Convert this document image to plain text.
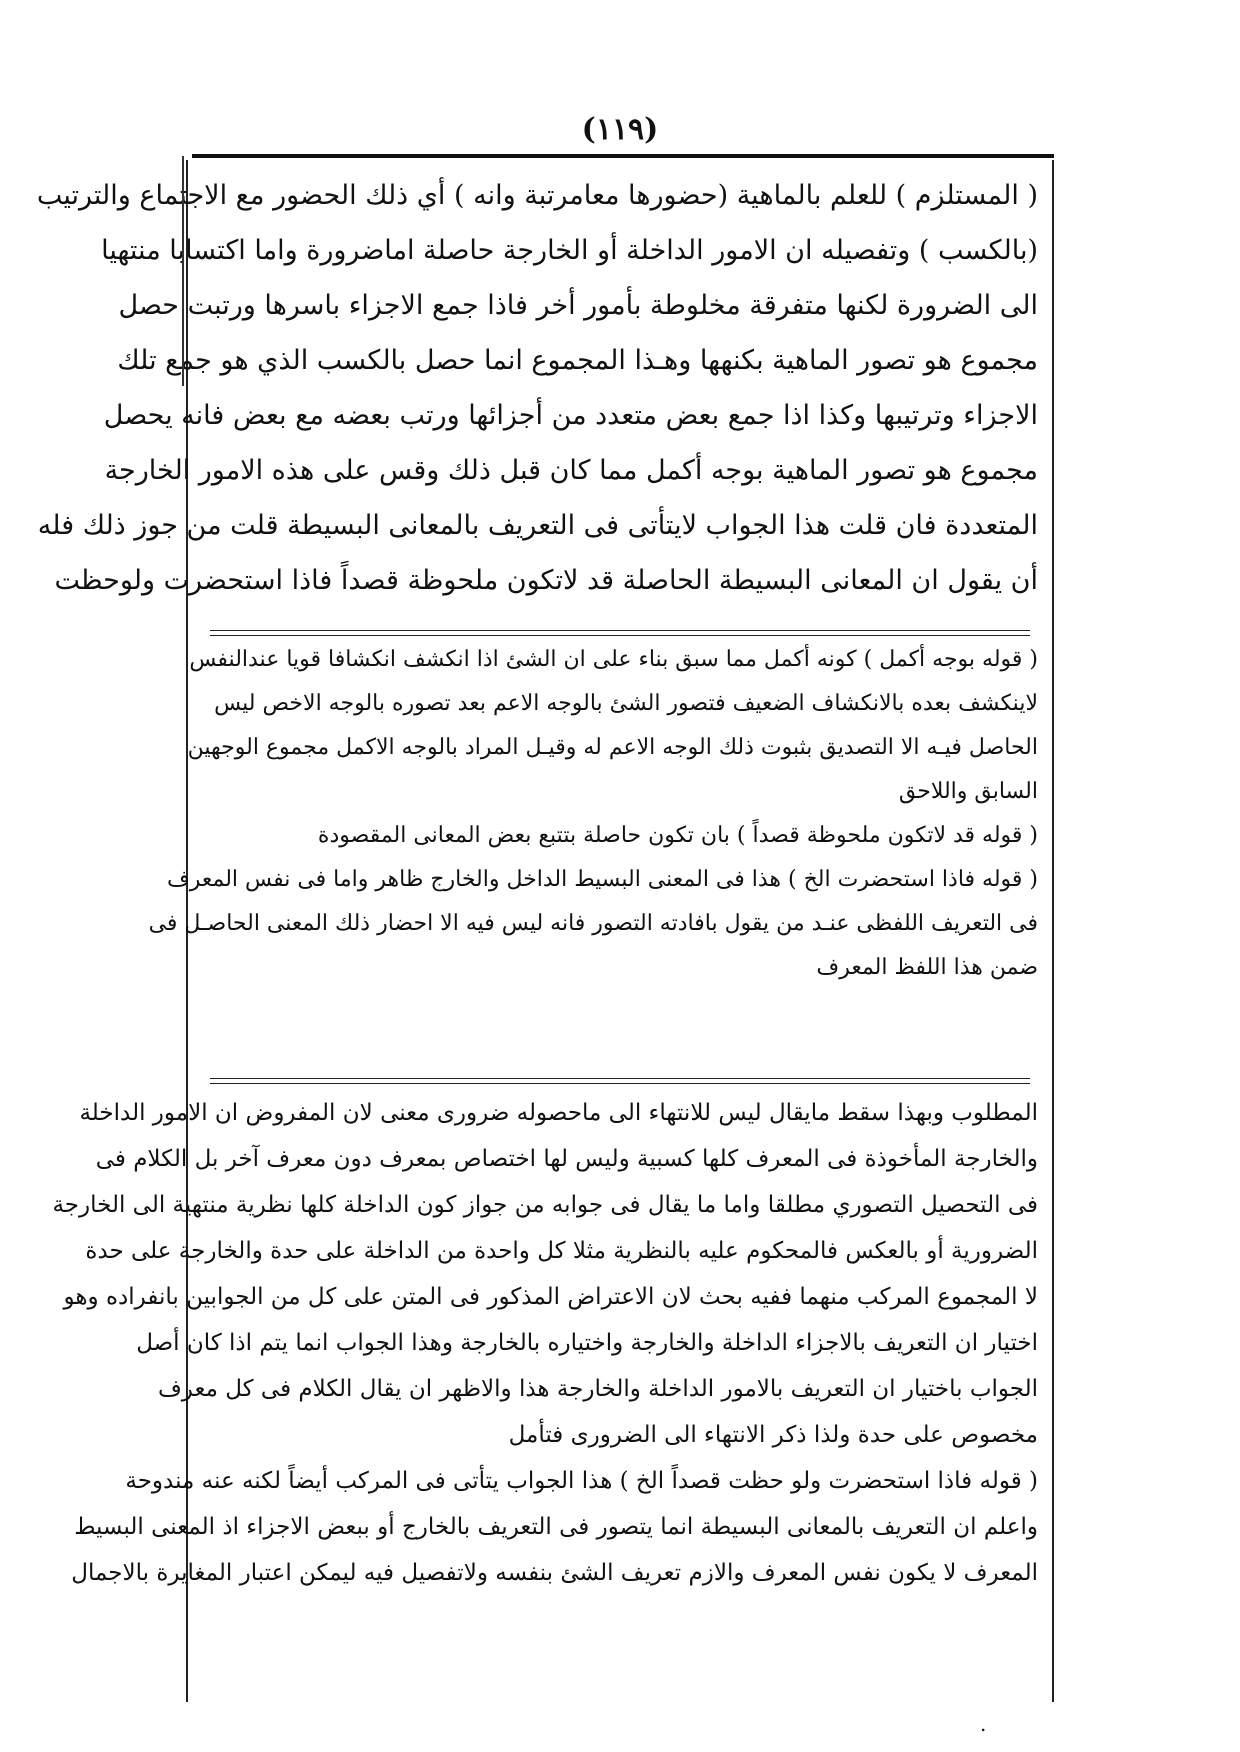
(١١٩)
( المستلزم ) للعلم بالماهية (حضورها معامرتبة وانه ) أي ذلك الحضور مع الاجتماع والترتيب
(بالكسب ) وتفصيله ان الامور الداخلة أو الخارجة حاصلة اماضرورة واما اكتسابا منتهيا
الى الضرورة لكنها متفرقة مخلوطة بأمور أخر فاذا جمع الاجزاء باسرها ورتبت حصل
مجموع هو تصور الماهية بكنهها وهـذا المجموع انما حصل بالكسب الذي هو جمع تلك
الاجزاء وترتيبها وكذا اذا جمع بعض متعدد من أجزائها ورتب بعضه مع بعض فانه يحصل
مجموع هو تصور الماهية بوجه أكمل مما كان قبل ذلك وقس على هذه الامور الخارجة
المتعددة فان قلت هذا الجواب لايتأتى فى التعريف بالمعانى البسيطة قلت من جوز ذلك فله
أن يقول ان المعانى البسيطة الحاصلة قد لاتكون ملحوظة قصداً فاذا استحضرت ولوحظت
( قوله بوجه أكمل ) كونه أكمل مما سبق بناء على ان الشئ اذا انكشف انكشافا قويا عندالنفس
لاينكشف بعده بالانكشاف الضعيف فتصور الشئ بالوجه الاعم بعد تصوره بالوجه الاخص ليس
الحاصل فيـه الا التصديق بثبوت ذلك الوجه الاعم له وقيـل المراد بالوجه الاكمل مجموع الوجهين
السابق واللاحق
( قوله قد لاتكون ملحوظة قصداً ) بان تكون حاصلة بتتبع بعض المعانى المقصودة
( قوله فاذا استحضرت الخ ) هذا فى المعنى البسيط الداخل والخارج ظاهر واما فى نفس المعرف
فى التعريف اللفظى عنـد من يقول بافادته التصور فانه ليس فيه الا احضار ذلك المعنى الحاصـل فى
ضمن هذا اللفظ المعرف
المطلوب وبهذا سقط مايقال ليس للانتهاء الى ماحصوله ضرورى معنى لان المفروض ان الامور الداخلة
والخارجة المأخوذة فى المعرف كلها كسبية وليس لها اختصاص بمعرف دون معرف آخر بل الكلام فى
فى التحصيل التصوري مطلقا واما ما يقال فى جوابه من جواز كون الداخلة كلها نظرية منتهية الى الخارجة
الضرورية أو بالعكس فالمحكوم عليه بالنظرية مثلا كل واحدة من الداخلة على حدة والخارجة على حدة
لا المجموع المركب منهما ففيه بحث لان الاعتراض المذكور فى المتن على كل من الجوابين بانفراده وهو
اختيار ان التعريف بالاجزاء الداخلة والخارجة واختياره بالخارجة وهذا الجواب انما يتم اذا كان أصل
الجواب باختيار ان التعريف بالامور الداخلة والخارجة هذا والاظهر ان يقال الكلام فى كل معرف
مخصوص على حدة ولذا ذكر الانتهاء الى الضرورى فتأمل
( قوله فاذا استحضرت ولو حظت قصداً الخ ) هذا الجواب يتأتى فى المركب أيضاً لكنه عنه مندوحة
واعلم ان التعريف بالمعانى البسيطة انما يتصور فى التعريف بالخارج أو ببعض الاجزاء اذ المعنى البسيط
المعرف لا يكون نفس المعرف والازم تعريف الشئ بنفسه ولاتفصيل فيه ليمكن اعتبار المغايرة بالاجمال
.
